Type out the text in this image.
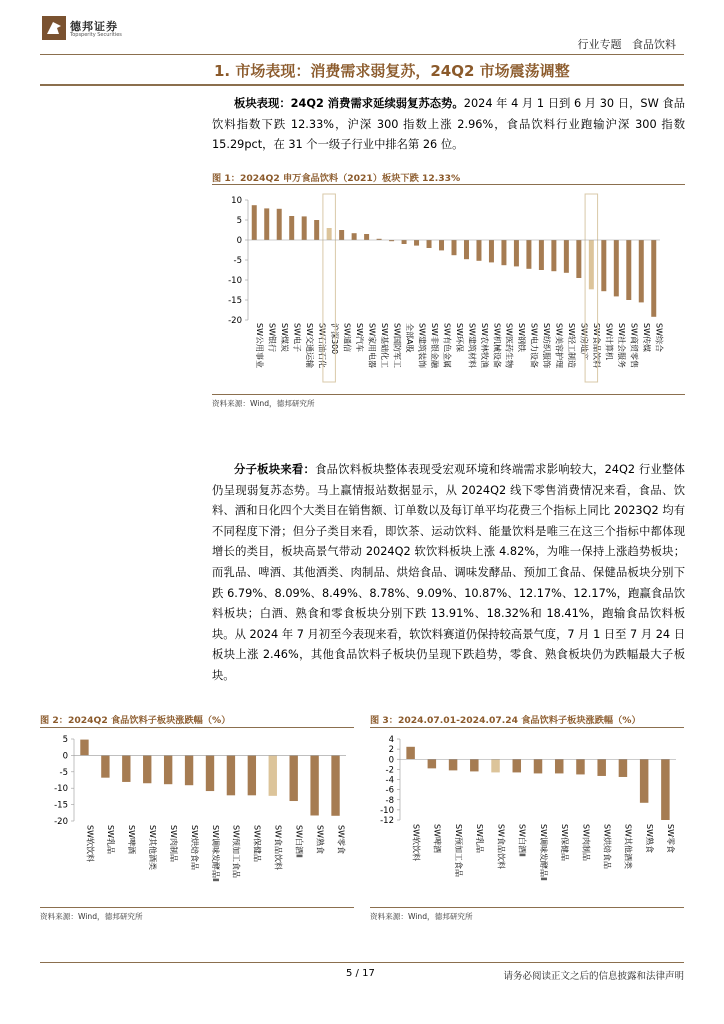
德邦证券
Topsperity Securities
行业专题 食品饮料
1. 市场表现：消费需求弱复苏，24Q2 市场震荡调整
板块表现：24Q2 消费需求延续弱复苏态势。2024 年 4 月 1 日到 6 月 30 日，SW 食品饮料指数下跌 12.33%，沪深 300 指数上涨 2.96%，食品饮料行业跑输沪深 300 指数 15.29pct，在 31 个一级子行业中排名第 26 位。
图 1：2024Q2 申万食品饮料（2021）板块下跌 12.33%
10
5
0
-5
-10
-15
-20
SW公用事业 SW银行 SW煤炭 SW电子 SW交通运输 SW石油石化 沪深300 SW通信 SW汽车 SW家用电器 SW基础化工 SW国防军工 全部A股 SW建筑装饰 SW非银金融 SW有色金属 SW环保 SW建筑材料 SW农林牧渔 SW机械设备 SW医药生物 SW钢铁 SW电力设备 SW纺织服饰 SW美容护理 SW轻工制造 SW房地产 SW食品饮料 SW计算机 SW社会服务 SW商贸零售 SW传媒 SW综合
资料来源：Wind，德邦研究所
分子板块来看：食品饮料板块整体表现受宏观环境和终端需求影响较大，24Q2 行业整体仍呈现弱复苏态势。马上赢情报站数据显示，从 2024Q2 线下零售消费情况来看，食品、饮料、酒和日化四个大类目在销售额、订单数以及每订单平均花费三个指标上同比 2023Q2 均有不同程度下滑；但分子类目来看，即饮茶、运动饮料、能量饮料是唯三在这三个指标中都体现增长的类目，板块高景气带动 2024Q2 软饮料板块上涨 4.82%，为唯一保持上涨趋势板块；而乳品、啤酒、其他酒类、肉制品、烘焙食品、调味发酵品、预加工食品、保健品板块分别下跌 6.79%、8.09%、8.49%、8.78%、9.09%、10.87%、12.17%、12.17%，跑赢食品饮料板块；白酒、熟食和零食板块分别下跌 13.91%、18.32%和 18.41%，跑输食品饮料板块。从 2024 年 7 月初至今表现来看，软饮料赛道仍保持较高景气度，7 月 1 日至 7 月 24 日板块上涨 2.46%，其他食品饮料子板块仍呈现下跌趋势，零食、熟食板块仍为跌幅最大子板块。
图 2：2024Q2 食品饮料子板块涨跌幅（%）
5
0
-5
-10
-15
-20
SW软饮料 SW乳品 SW啤酒 SW其他酒类 SW肉制品 SW烘焙食品 SW调味发酵品Ⅱ SW预加工食品 SW保健品 SW食品饮料 SW白酒Ⅱ SW熟食 SW零食
资料来源：Wind，德邦研究所
图 3：2024.07.01-2024.07.24 食品饮料子板块涨跌幅（%）
4
2
0
-2
-4
-6
-8
-10
-12
SW软饮料 SW啤酒 SW预加工食品 SW乳品 SW食品饮料 SW白酒Ⅱ SW调味发酵品Ⅱ SW保健品 SW肉制品 SW烘焙食品 SW其他酒类 SW熟食 SW零食
资料来源：Wind，德邦研究所
5 / 17	请务必阅读正文之后的信息披露和法律声明
